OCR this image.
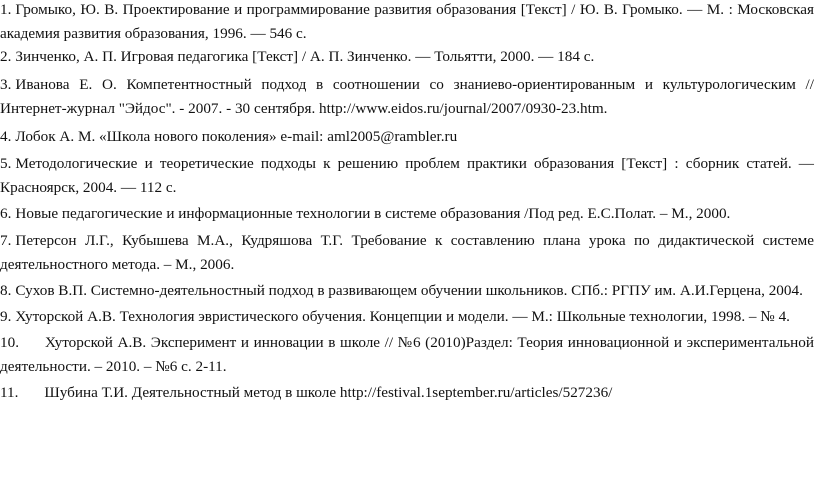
1. Громыко, Ю. В. Проектирование и программирование развития образования [Текст] / Ю. В. Громыко. — М. : Московская академия развития образования, 1996. — 546 с.

2. Зинченко, А. П. Игровая педагогика [Текст] / А. П. Зинченко. — Тольятти, 2000. — 184 с.

3. Иванова Е. О. Компетентностный подход в соотношении со знаниево-ориентированным и культурологическим // Интернет-журнал "Эйдос". - 2007. - 30 сентября. http://www.eidos.ru/journal/2007/0930-23.htm.

4. Лобок А. М. «Школа нового поколения» e-mail: aml2005@rambler.ru

5. Методологические и теоретические подходы к решению проблем практики образования [Текст] : сборник статей. — Красноярск, 2004. — 112 с.

6. Новые педагогические и информационные технологии в системе образования /Под ред. Е.С.Полат. – М., 2000.

7. Петерсон Л.Г., Кубышева М.А., Кудряшова Т.Г. Требование к составлению плана урока по дидактической системе деятельностного метода. – М., 2006.

8. Сухов В.П. Системно-деятельностный подход в развивающем обучении школьников. СПб.: РГПУ им. А.И.Герцена, 2004.

9. Хуторской А.В. Технология эвристического обучения. Концепции и модели. — М.: Школьные технологии, 1998. – № 4.

10. Хуторской А.В. Эксперимент и инновации в школе // №6 (2010)Раздел: Теория инновационной и экспериментальной деятельности. – 2010. – №6 с. 2-11.

11. Шубина Т.И. Деятельностный метод в школе http://festival.1september.ru/articles/527236/
